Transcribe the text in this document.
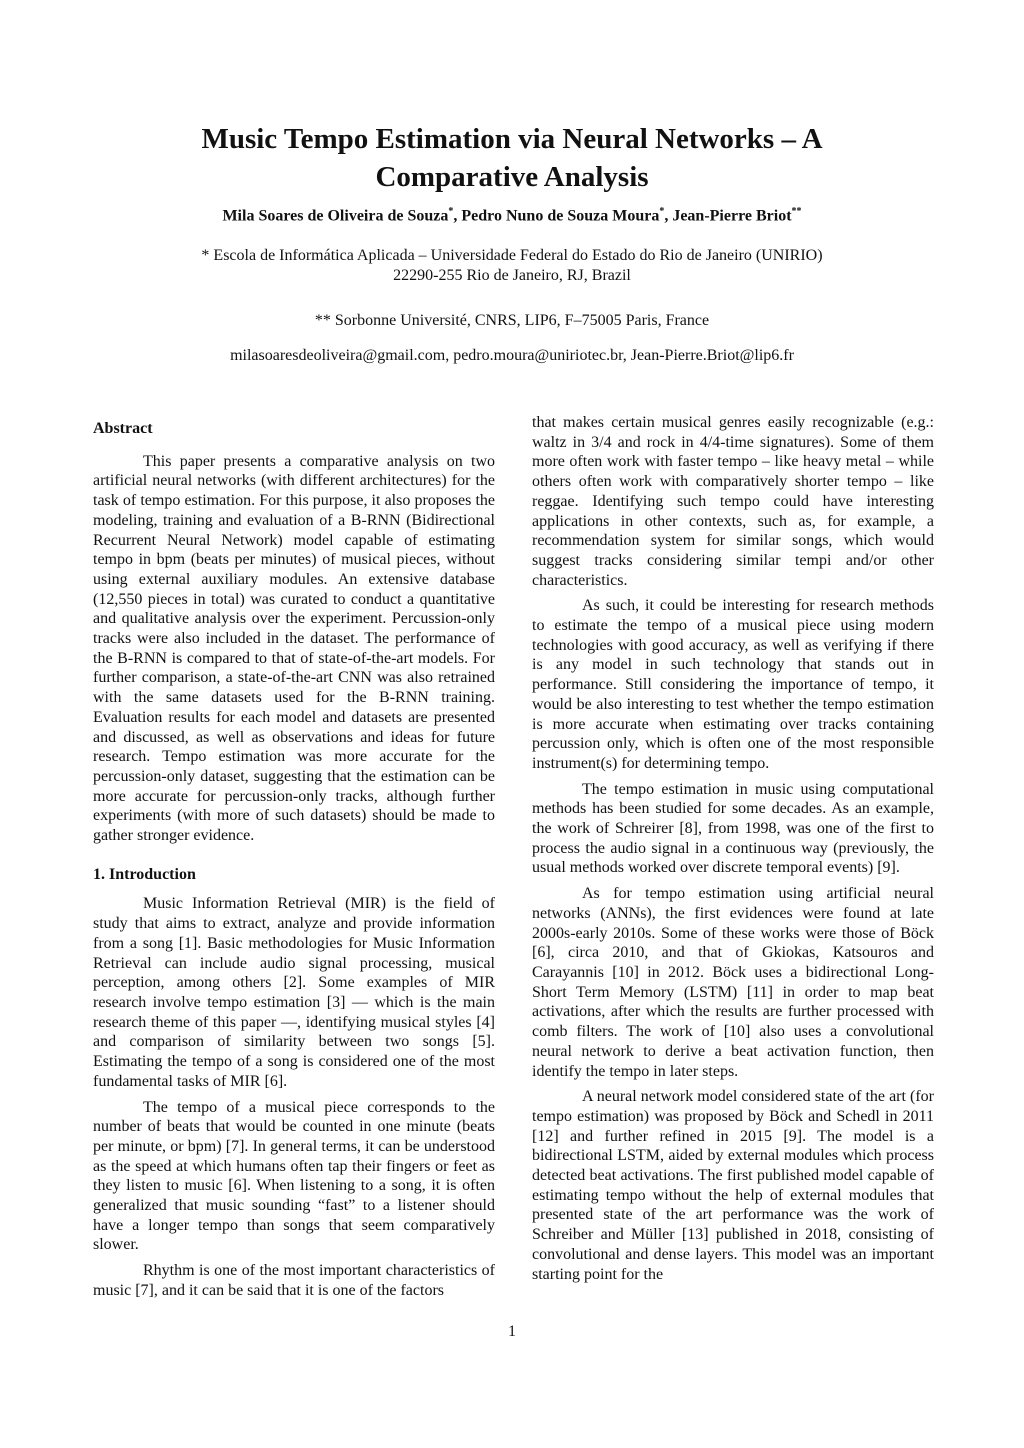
Music Tempo Estimation via Neural Networks – A
Comparative Analysis
Mila Soares de Oliveira de Souza*, Pedro Nuno de Souza Moura*, Jean-Pierre Briot**
* Escola de Informática Aplicada – Universidade Federal do Estado do Rio de Janeiro (UNIRIO)
22290-255 Rio de Janeiro, RJ, Brazil
** Sorbonne Université, CNRS, LIP6, F–75005 Paris, France
milasoaresdeoliveira@gmail.com, pedro.moura@uniriotec.br, Jean-Pierre.Briot@lip6.fr

Abstract

This paper presents a comparative analysis on two artificial neural networks (with different architectures) for the task of tempo estimation. For this purpose, it also proposes the modeling, training and evaluation of a B-RNN (Bidirectional Recurrent Neural Network) model capable of estimating tempo in bpm (beats per minutes) of musical pieces, without using external auxiliary modules. An extensive database (12,550 pieces in total) was curated to conduct a quantitative and qualitative analysis over the experiment. Percussion-only tracks were also included in the dataset. The performance of the B-RNN is compared to that of state-of-the-art models. For further comparison, a state-of-the-art CNN was also retrained with the same datasets used for the B-RNN training. Evaluation results for each model and datasets are presented and discussed, as well as observations and ideas for future research. Tempo estimation was more accurate for the percussion-only dataset, suggesting that the estimation can be more accurate for percussion-only tracks, although further experiments (with more of such datasets) should be made to gather stronger evidence.

1. Introduction

Music Information Retrieval (MIR) is the field of study that aims to extract, analyze and provide information from a song [1]. Basic methodologies for Music Information Retrieval can include audio signal processing, musical perception, among others [2]. Some examples of MIR research involve tempo estimation [3] — which is the main research theme of this paper —, identifying musical styles [4] and comparison of similarity between two songs [5]. Estimating the tempo of a song is considered one of the most fundamental tasks of MIR [6].

The tempo of a musical piece corresponds to the number of beats that would be counted in one minute (beats per minute, or bpm) [7]. In general terms, it can be understood as the speed at which humans often tap their fingers or feet as they listen to music [6]. When listening to a song, it is often generalized that music sounding “fast” to a listener should have a longer tempo than songs that seem comparatively slower.

Rhythm is one of the most important characteristics of music [7], and it can be said that it is one of the factors

that makes certain musical genres easily recognizable (e.g.: waltz in 3/4 and rock in 4/4-time signatures). Some of them more often work with faster tempo – like heavy metal – while others often work with comparatively shorter tempo – like reggae. Identifying such tempo could have interesting applications in other contexts, such as, for example, a recommendation system for similar songs, which would suggest tracks considering similar tempi and/or other characteristics.

As such, it could be interesting for research methods to estimate the tempo of a musical piece using modern technologies with good accuracy, as well as verifying if there is any model in such technology that stands out in performance. Still considering the importance of tempo, it would be also interesting to test whether the tempo estimation is more accurate when estimating over tracks containing percussion only, which is often one of the most responsible instrument(s) for determining tempo.

The tempo estimation in music using computational methods has been studied for some decades. As an example, the work of Schreirer [8], from 1998, was one of the first to process the audio signal in a continuous way (previously, the usual methods worked over discrete temporal events) [9].

As for tempo estimation using artificial neural networks (ANNs), the first evidences were found at late 2000s-early 2010s. Some of these works were those of Böck [6], circa 2010, and that of Gkiokas, Katsouros and Carayannis [10] in 2012. Böck uses a bidirectional Long-Short Term Memory (LSTM) [11] in order to map beat activations, after which the results are further processed with comb filters. The work of [10] also uses a convolutional neural network to derive a beat activation function, then identify the tempo in later steps.

A neural network model considered state of the art (for tempo estimation) was proposed by Böck and Schedl in 2011 [12] and further refined in 2015 [9]. The model is a bidirectional LSTM, aided by external modules which process detected beat activations. The first published model capable of estimating tempo without the help of external modules that presented state of the art performance was the work of Schreiber and Müller [13] published in 2018, consisting of convolutional and dense layers. This model was an important starting point for the

1
